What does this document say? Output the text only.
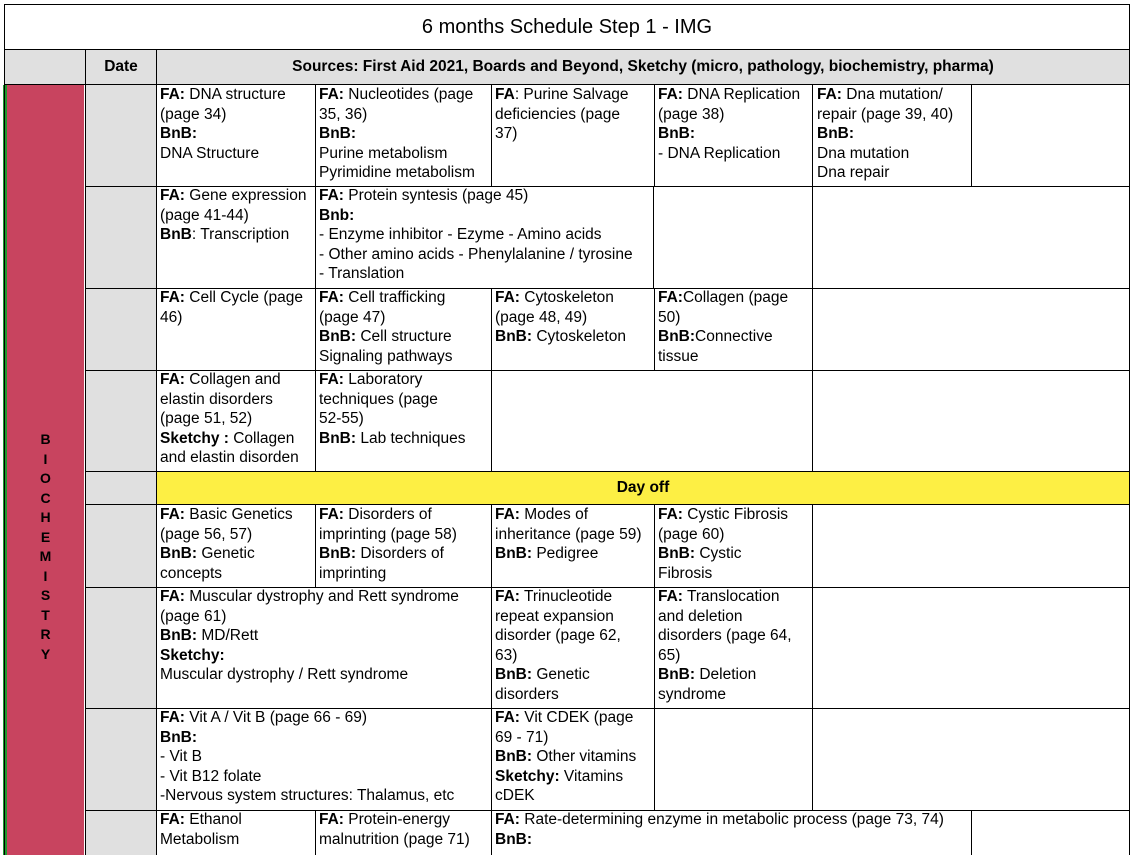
6 months Schedule Step 1 - IMG
Date	Sources: First Aid 2021, Boards and Beyond, Sketchy (micro, pathology, biochemistry, pharma)
B
I
O
C
H
E
M
I
S
T
R
Y
Day off
FA: DNA structure
(page 34)
BnB:
DNA Structure
FA: Nucleotides (page
35, 36)
BnB:
Purine metabolism
Pyrimidine metabolism
FA: Purine Salvage
deficiencies (page
37)
FA: DNA Replication
(page 38)
BnB:
- DNA Replication
FA: Dna mutation/
repair (page 39, 40)
BnB:
Dna mutation
Dna repair
FA: Gene expression
(page 41-44)
BnB: Transcription
FA: Protein syntesis (page 45)
Bnb:
- Enzyme inhibitor - Ezyme - Amino acids
- Other amino acids - Phenylalanine / tyrosine
- Translation
FA: Cell Cycle (page
46)
FA: Cell trafficking
(page 47)
BnB: Cell structure
Signaling pathways
FA: Cytoskeleton
(page 48, 49)
BnB: Cytoskeleton
FA:Collagen (page
50)
BnB:Connective
tissue
FA: Collagen and
elastin disorders
(page 51, 52)
Sketchy : Collagen
and elastin disorden
FA: Laboratory
techniques (page
52-55)
BnB: Lab techniques
FA: Basic Genetics
(page 56, 57)
BnB: Genetic
concepts
FA: Disorders of
imprinting (page 58)
BnB: Disorders of
imprinting
FA: Modes of
inheritance (page 59)
BnB: Pedigree
FA: Cystic Fibrosis
(page 60)
BnB: Cystic
Fibrosis
FA: Muscular dystrophy and Rett syndrome
(page 61)
BnB: MD/Rett
Sketchy:
Muscular dystrophy / Rett syndrome
FA: Trinucleotide
repeat expansion
disorder (page 62,
63)
BnB: Genetic
disorders
FA: Translocation
and deletion
disorders (page 64,
65)
BnB: Deletion
syndrome
FA: Vit A / Vit B (page 66 - 69)
BnB:
- Vit B
- Vit B12 folate
-Nervous system structures: Thalamus, etc
FA: Vit CDEK (page
69 - 71)
BnB: Other vitamins
Sketchy: Vitamins
cDEK
FA: Ethanol
Metabolism
FA: Protein-energy
malnutrition (page 71)
FA: Rate-determining enzyme in metabolic process (page 73, 74)
BnB:
